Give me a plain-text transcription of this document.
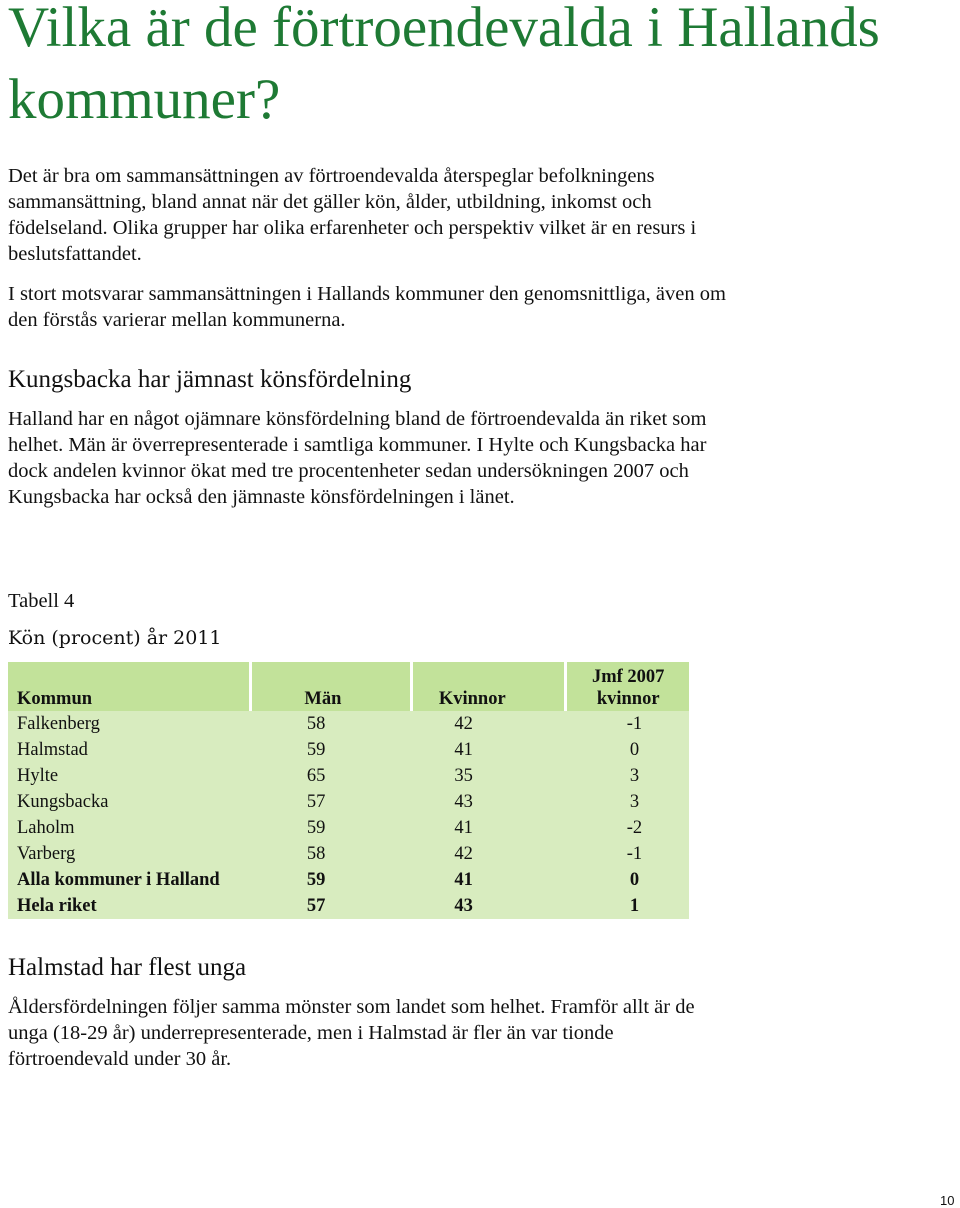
Vilka är de förtroendevalda i Hallands kommuner?

Det är bra om sammansättningen av förtroendevalda återspeglar befolkningens sammansättning, bland annat när det gäller kön, ålder, utbildning, inkomst och födelseland. Olika grupper har olika erfarenheter och perspektiv vilket är en resurs i beslutsfattandet.

I stort motsvarar sammansättningen i Hallands kommuner den genomsnittliga, även om den förstås varierar mellan kommunerna.

Kungsbacka har jämnast könsfördelning

Halland har en något ojämnare könsfördelning bland de förtroendevalda än riket som helhet. Män är överrepresenterade i samtliga kommuner. I Hylte och Kungsbacka har dock andelen kvinnor ökat med tre procentenheter sedan undersökningen 2007 och Kungsbacka har också den jämnaste könsfördelningen i länet.

Tabell 4
Kön (procent) år 2011
Kommun	Män	Kvinnor	Jmf 2007
kvinnor
Falkenberg	58	42	-1
Halmstad	59	41	0
Hylte	65	35	3
Kungsbacka	57	43	3
Laholm	59	41	-2
Varberg	58	42	-1
Alla kommuner i Halland	59	41	0
Hela riket	57	43	1
Halmstad har flest unga

Åldersfördelningen följer samma mönster som landet som helhet. Framför allt är de unga (18-29 år) underrepresenterade, men i Halmstad är fler än var tionde förtroendevald under 30 år.

10
